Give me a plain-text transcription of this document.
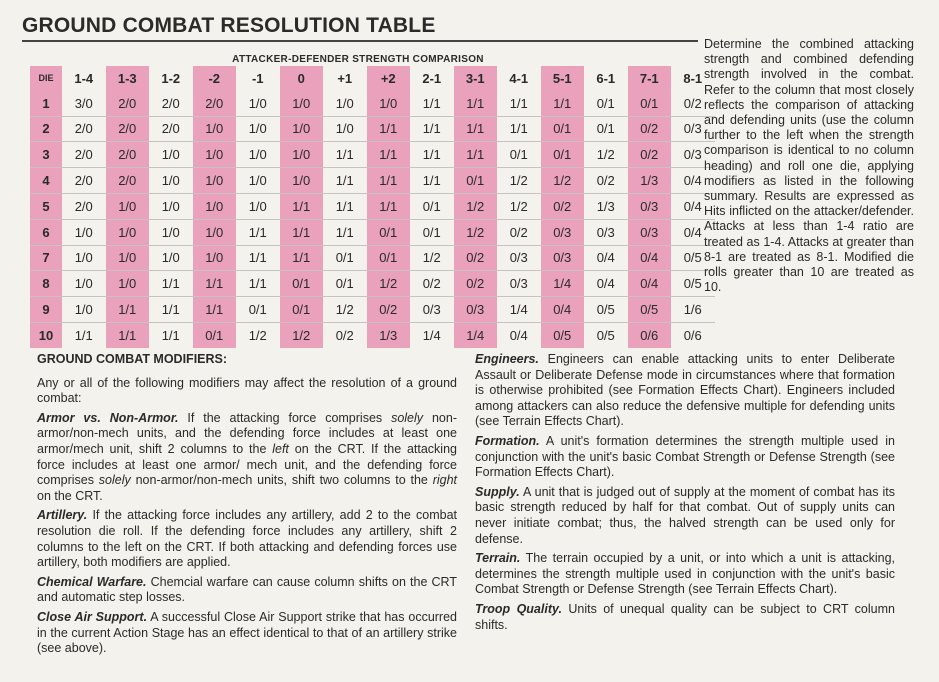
GROUND COMBAT RESOLUTION TABLE
ATTACKER-DEFENDER STRENGTH COMPARISON
DIE	1-4	1-3	1-2	-2	-1	0	+1	+2	2-1	3-1	4-1	5-1	6-1	7-1	8-1
1	3/0	2/0	2/0	2/0	1/0	1/0	1/0	1/0	1/1	1/1	1/1	1/1	0/1	0/1	0/2
2	2/0	2/0	2/0	1/0	1/0	1/0	1/0	1/1	1/1	1/1	1/1	0/1	0/1	0/2	0/3
3	2/0	2/0	1/0	1/0	1/0	1/0	1/1	1/1	1/1	1/1	0/1	0/1	1/2	0/2	0/3
4	2/0	2/0	1/0	1/0	1/0	1/0	1/1	1/1	1/1	0/1	1/2	1/2	0/2	1/3	0/4
5	2/0	1/0	1/0	1/0	1/0	1/1	1/1	1/1	0/1	1/2	1/2	0/2	1/3	0/3	0/4
6	1/0	1/0	1/0	1/0	1/1	1/1	1/1	0/1	0/1	1/2	0/2	0/3	0/3	0/3	0/4
7	1/0	1/0	1/0	1/0	1/1	1/1	0/1	0/1	1/2	0/2	0/3	0/3	0/4	0/4	0/5
8	1/0	1/0	1/1	1/1	1/1	0/1	0/1	1/2	0/2	0/2	0/3	1/4	0/4	0/4	0/5
9	1/0	1/1	1/1	1/1	0/1	0/1	1/2	0/2	0/3	0/3	1/4	0/4	0/5	0/5	1/6
10	1/1	1/1	1/1	0/1	1/2	1/2	0/2	1/3	1/4	1/4	0/4	0/5	0/5	0/6	0/6
Determine the combined attacking strength and combined defending strength involved in the combat. Refer to the column that most closely reflects the comparison of attacking and defending units (use the column further to the left when the strength comparison is identical to no column heading) and roll one die, applying modifiers as listed in the following summary. Results are expressed as Hits inflicted on the attacker/defender. Attacks at less than 1-4 ratio are treated as 1-4. Attacks at greater than 8-1 are treated as 8-1. Modified die rolls greater than 10 are treated as 10.
GROUND COMBAT MODIFIERS:

Any or all of the following modifiers may affect the resolution of a ground combat:

Armor vs. Non-Armor. If the attacking force comprises solely non-armor/non-mech units, and the defending force includes at least one armor/mech unit, shift 2 columns to the left on the CRT. If the attacking force includes at least one armor/ mech unit, and the defending force comprises solely non-armor/non-mech units, shift two columns to the right on the CRT.

Artillery. If the attacking force includes any artillery, add 2 to the combat resolution die roll. If the defending force includes any artillery, shift 2 columns to the left on the CRT. If both attacking and defending forces use artillery, both modifiers are applied.

Chemical Warfare. Chemcial warfare can cause column shifts on the CRT and automatic step losses.

Close Air Support. A successful Close Air Support strike that has occurred in the current Action Stage has an effect identical to that of an artillery strike (see above).

Engineers. Engineers can enable attacking units to enter Deliberate Assault or Deliberate Defense mode in circumstances where that formation is otherwise prohibited (see Formation Effects Chart). Engineers included among attackers can also reduce the defensive multiple for defending units (see Terrain Effects Chart).

Formation. A unit's formation determines the strength multiple used in conjunction with the unit's basic Combat Strength or Defense Strength (see Formation Effects Chart).

Supply. A unit that is judged out of supply at the moment of combat has its basic strength reduced by half for that combat. Out of supply units can never initiate combat; thus, the halved strength can be used only for defense.

Terrain. The terrain occupied by a unit, or into which a unit is attacking, determines the strength multiple used in conjunction with the unit's basic Combat Strength or Defense Strength (see Terrain Effects Chart).

Troop Quality. Units of unequal quality can be subject to CRT column shifts.
